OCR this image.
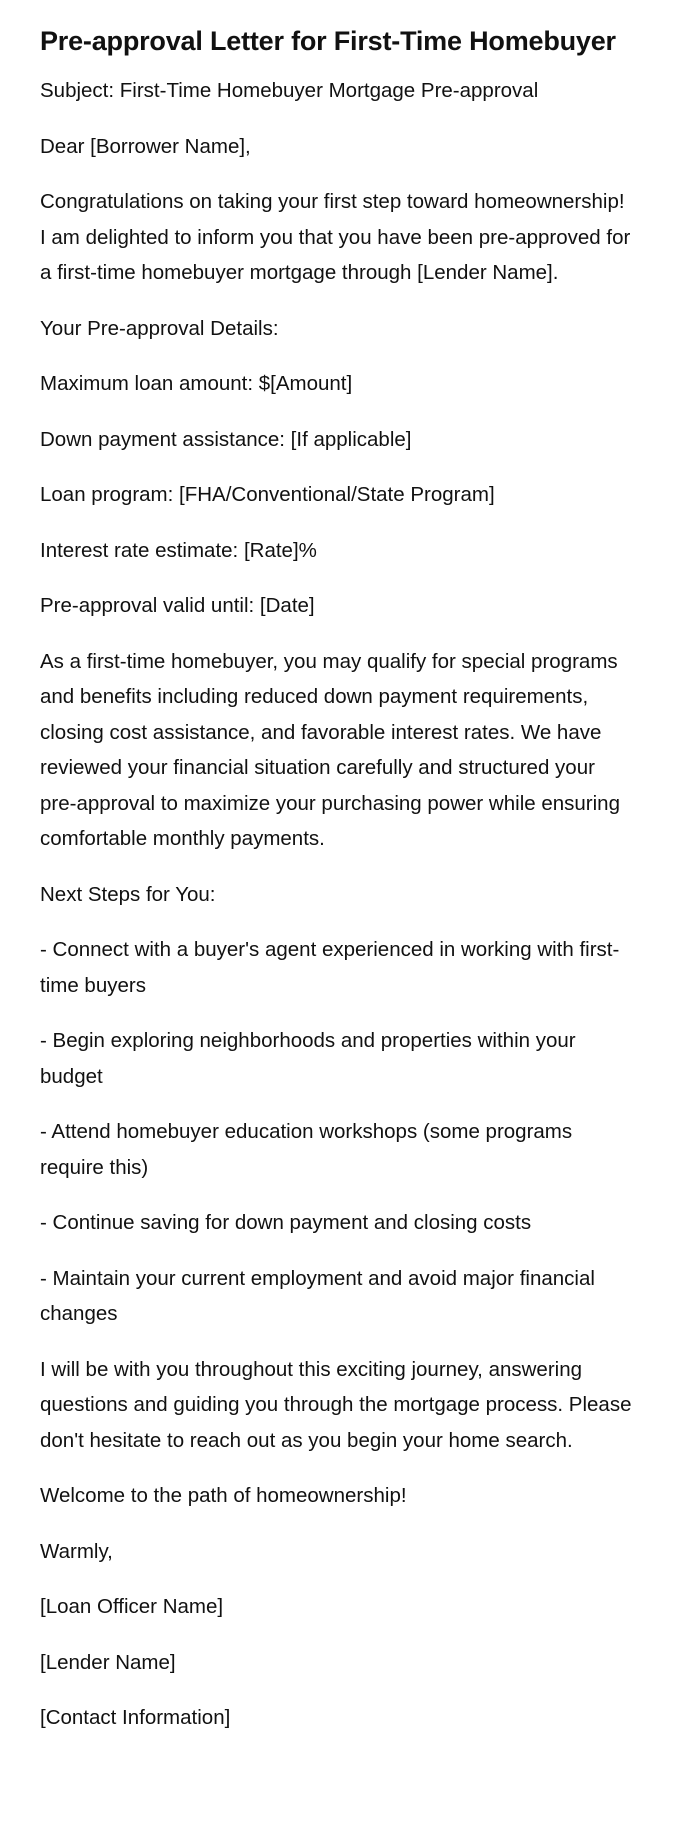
Pre-approval Letter for First-Time Homebuyer

Subject: First-Time Homebuyer Mortgage Pre-approval

Dear [Borrower Name],

Congratulations on taking your first step toward homeownership! I am delighted to inform you that you have been pre-approved for a first-time homebuyer mortgage through [Lender Name].

Your Pre-approval Details:

Maximum loan amount: $[Amount]

Down payment assistance: [If applicable]

Loan program: [FHA/Conventional/State Program]

Interest rate estimate: [Rate]%

Pre-approval valid until: [Date]

As a first-time homebuyer, you may qualify for special programs and benefits including reduced down payment requirements, closing cost assistance, and favorable interest rates. We have reviewed your financial situation carefully and structured your pre-approval to maximize your purchasing power while ensuring comfortable monthly payments.

Next Steps for You:

- Connect with a buyer's agent experienced in working with first-time buyers

- Begin exploring neighborhoods and properties within your budget

- Attend homebuyer education workshops (some programs require this)

- Continue saving for down payment and closing costs

- Maintain your current employment and avoid major financial changes

I will be with you throughout this exciting journey, answering questions and guiding you through the mortgage process. Please don't hesitate to reach out as you begin your home search.

Welcome to the path of homeownership!

Warmly,

[Loan Officer Name]

[Lender Name]

[Contact Information]
